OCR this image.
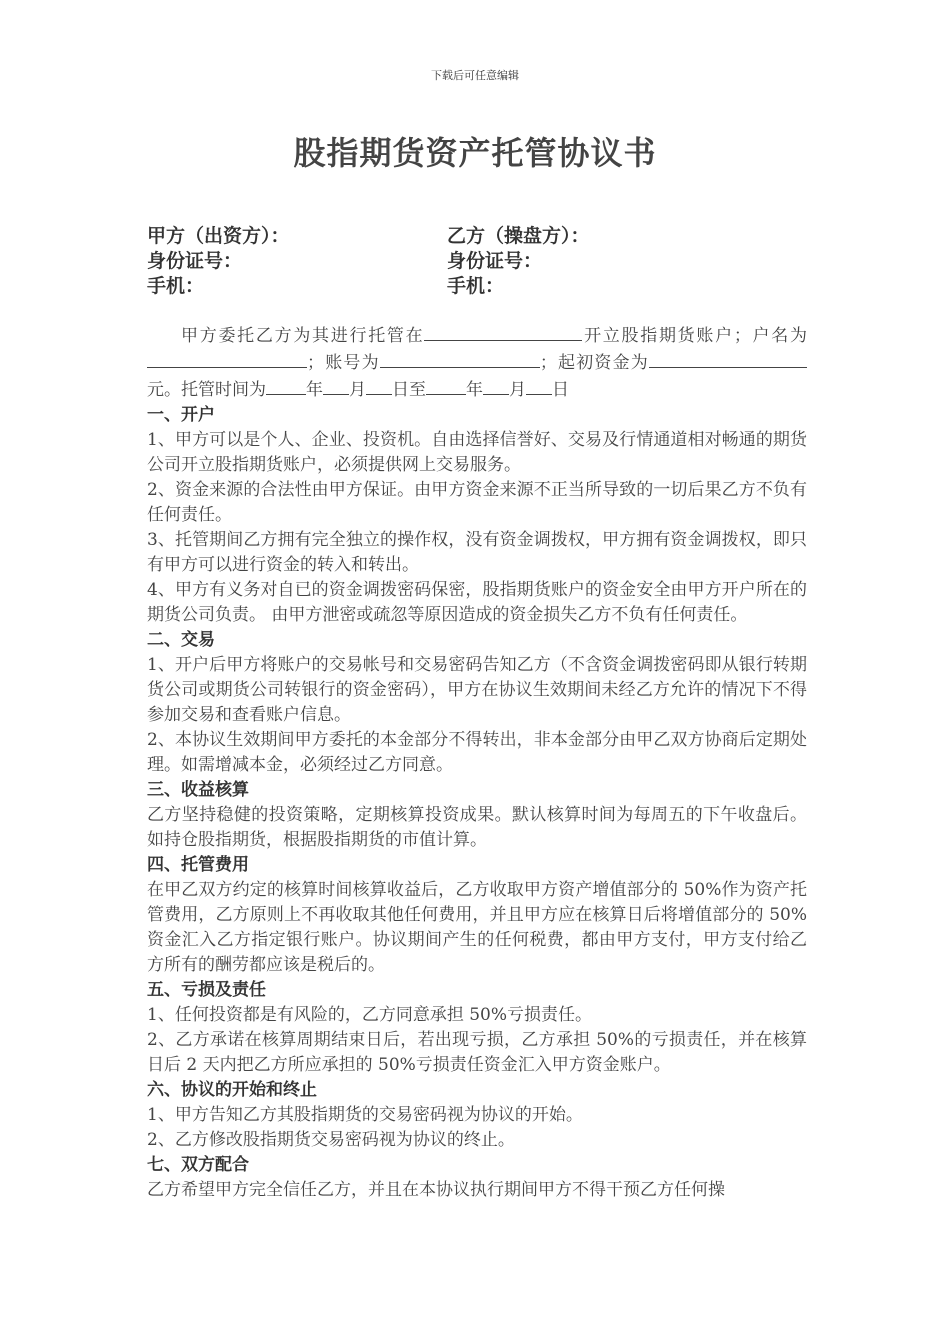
下载后可任意编辑
股指期货资产托管协议书
甲方（出资方）：	乙方（操盘方）：
身份证号：	身份证号：
手机：	手机：

甲方委托乙方为其进行托管在	开立股指期货账户；户名为；账号为	；起初资金为元。托管时间为 年 月 日至 年 月 日

一、开户

1、甲方可以是个人、企业、投资机。自由选择信誉好、交易及行情通道相对畅通的期货公司开立股指期货账户，必须提供网上交易服务。

2、资金来源的合法性由甲方保证。由甲方资金来源不正当所导致的一切后果乙方不负有任何责任。

3、托管期间乙方拥有完全独立的操作权，没有资金调拨权，甲方拥有资金调拨权，即只有甲方可以进行资金的转入和转出。

4、甲方有义务对自已的资金调拨密码保密，股指期货账户的资金安全由甲方开户所在的期货公司负责。 由甲方泄密或疏忽等原因造成的资金损失乙方不负有任何责任。

二、交易

1、开户后甲方将账户的交易帐号和交易密码告知乙方（不含资金调拨密码即从银行转期货公司或期货公司转银行的资金密码），甲方在协议生效期间未经乙方允许的情况下不得参加交易和查看账户信息。

2、本协议生效期间甲方委托的本金部分不得转出，非本金部分由甲乙双方协商后定期处理。如需增减本金，必须经过乙方同意。

三、收益核算

乙方坚持稳健的投资策略，定期核算投资成果。默认核算时间为每周五的下午收盘后。如持仓股指期货，根据股指期货的市值计算。

四、托管费用

在甲乙双方约定的核算时间核算收益后，乙方收取甲方资产增值部分的 50%作为资产托管费用，乙方原则上不再收取其他任何费用，并且甲方应在核算日后将增值部分的 50%资金汇入乙方指定银行账户。协议期间产生的任何税费，都由甲方支付，甲方支付给乙方所有的酬劳都应该是税后的。

五、亏损及责任

1、任何投资都是有风险的，乙方同意承担 50%亏损责任。

2、乙方承诺在核算周期结束日后，若出现亏损，乙方承担 50%的亏损责任，并在核算日后 2 天内把乙方所应承担的 50%亏损责任资金汇入甲方资金账户。

六、协议的开始和终止

1、甲方告知乙方其股指期货的交易密码视为协议的开始。

2、乙方修改股指期货交易密码视为协议的终止。

七、双方配合

乙方希望甲方完全信任乙方，并且在本协议执行期间甲方不得干预乙方任何操
